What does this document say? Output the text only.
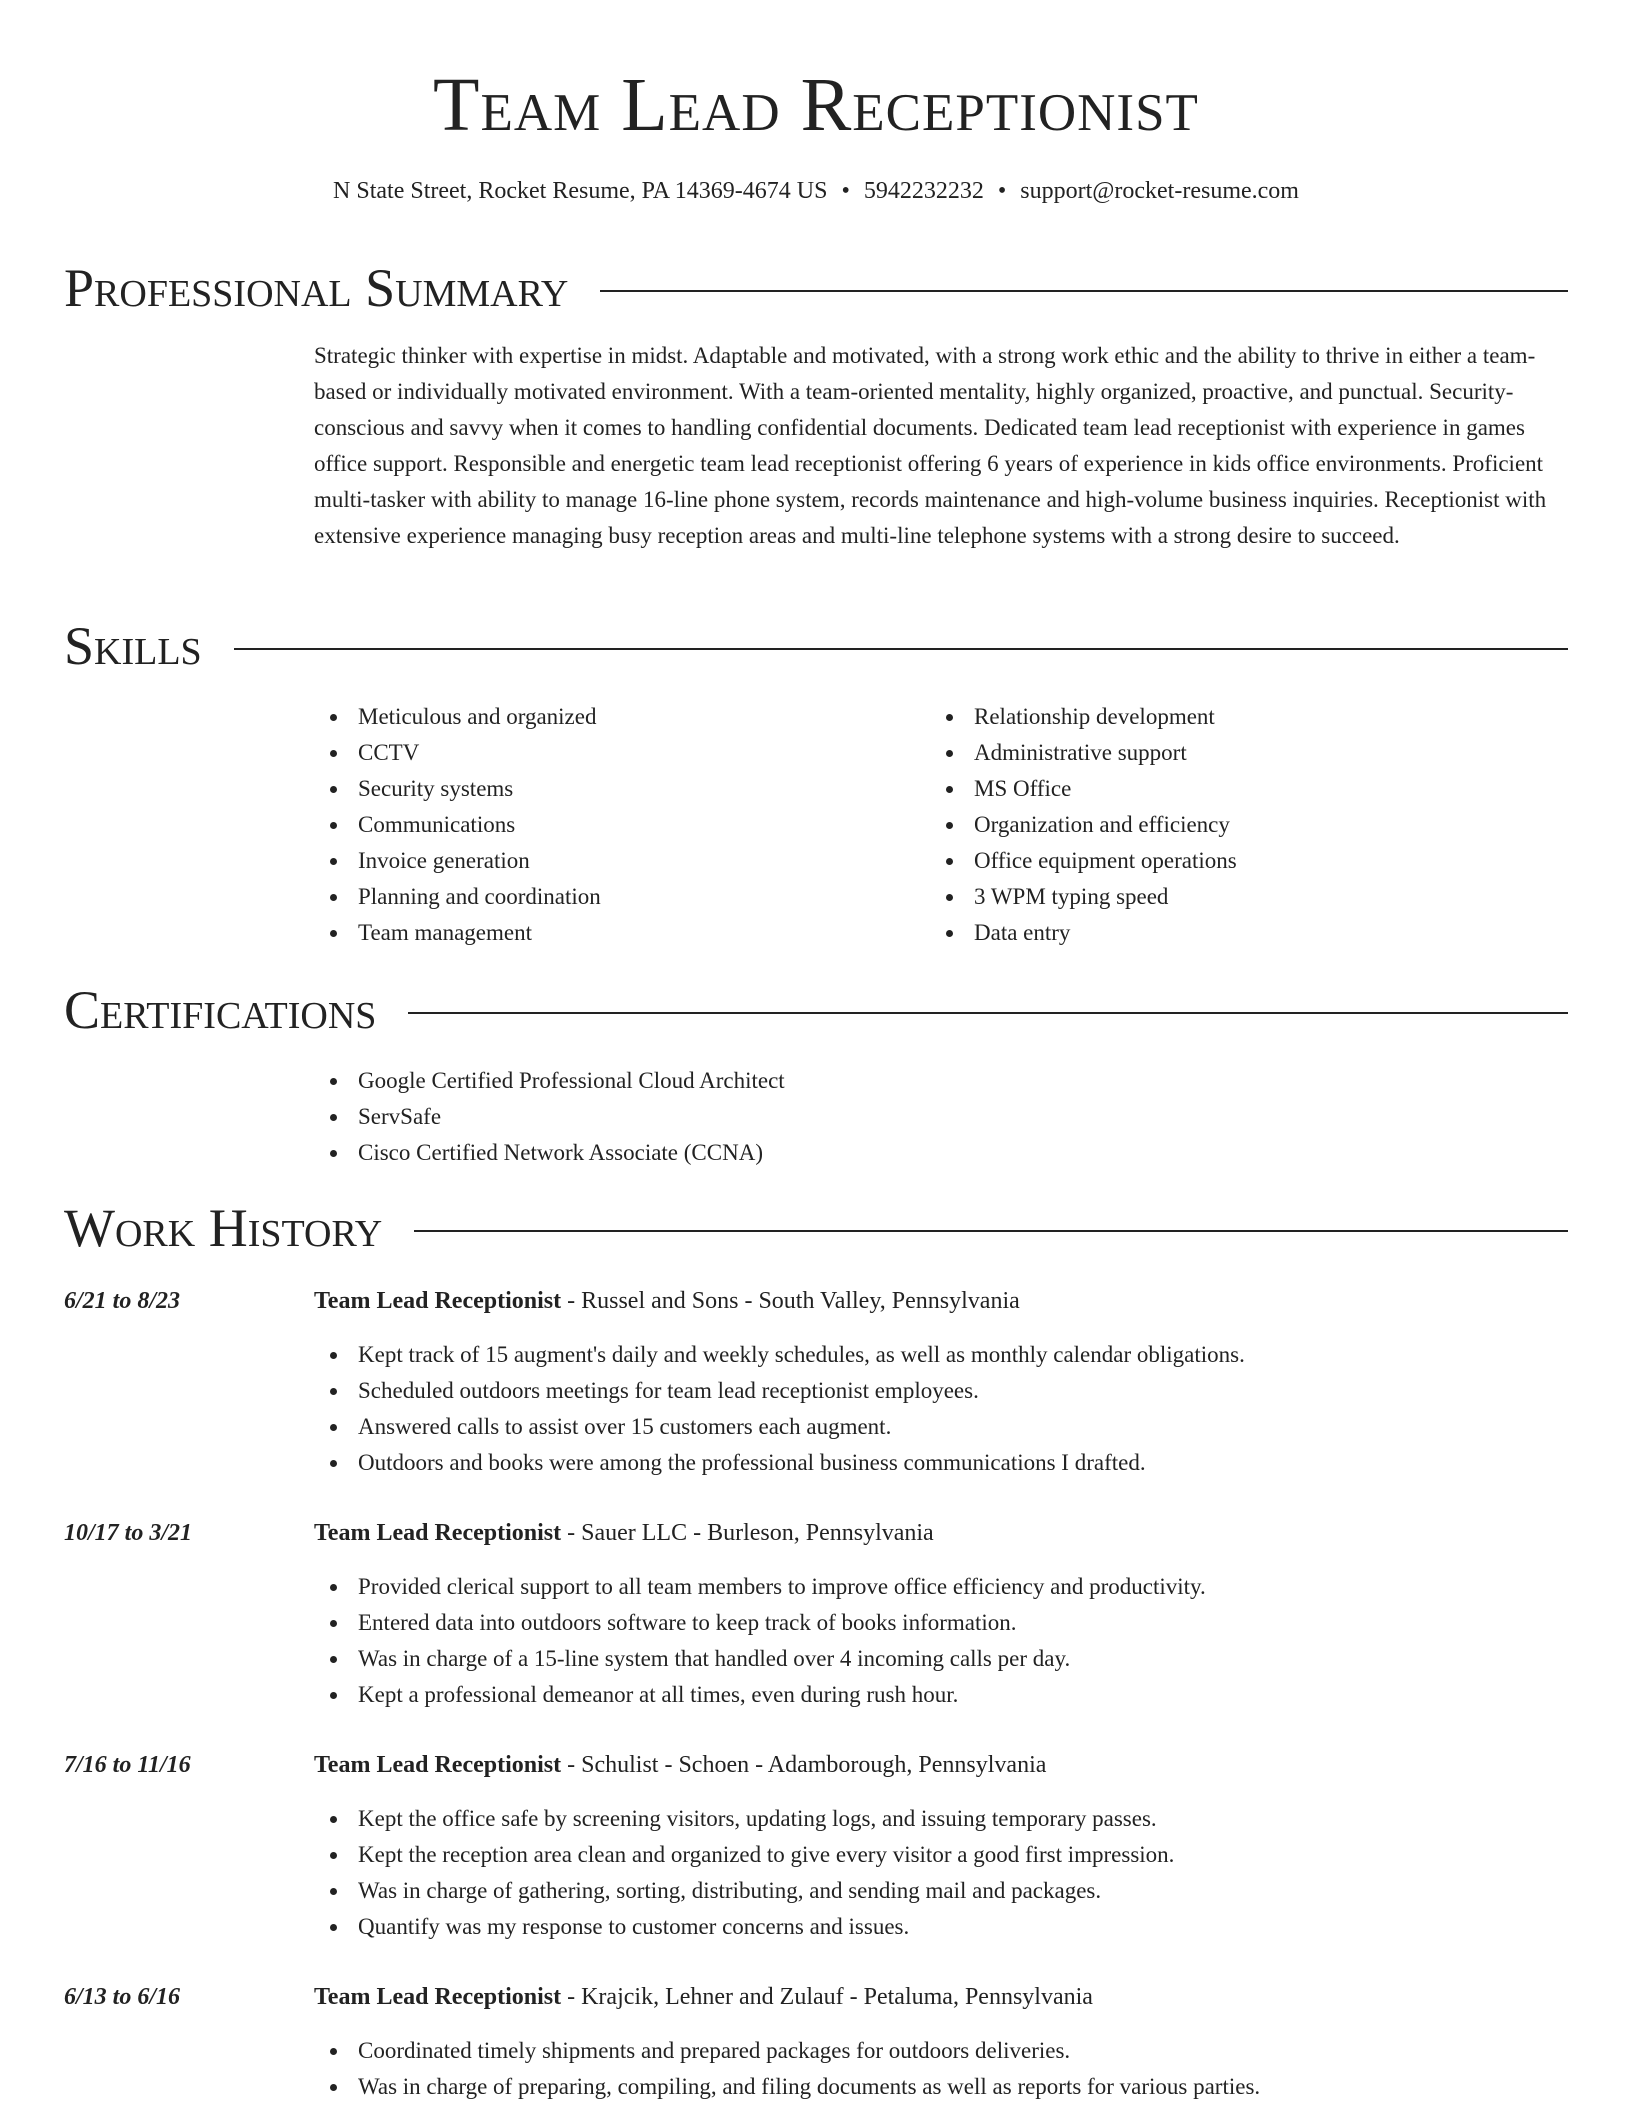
Team Lead Receptionist
N State Street, Rocket Resume, PA 14369-4674 US • 5942232232 • support@rocket-resume.com
Professional Summary

Strategic thinker with expertise in midst. Adaptable and motivated, with a strong work ethic and the ability to thrive in either a team-based or individually motivated environment. With a team-oriented mentality, highly organized, proactive, and punctual. Security-conscious and savvy when it comes to handling confidential documents. Dedicated team lead receptionist with experience in games office support. Responsible and energetic team lead receptionist offering 6 years of experience in kids office environments. Proficient multi-tasker with ability to manage 16-line phone system, records maintenance and high-volume business inquiries. Receptionist with extensive experience managing busy reception areas and multi-line telephone systems with a strong desire to succeed.

Skills
Meticulous and organized
CCTV
Security systems
Communications
Invoice generation
Planning and coordination
Team management
Relationship development
Administrative support
MS Office
Organization and efficiency
Office equipment operations
3 WPM typing speed
Data entry
Certifications
Google Certified Professional Cloud Architect
ServSafe
Cisco Certified Network Associate (CCNA)
Work History
6/21 to 8/23	Team Lead Receptionist - Russel and Sons - South Valley, Pennsylvania
Kept track of 15 augment's daily and weekly schedules, as well as monthly calendar obligations.
Scheduled outdoors meetings for team lead receptionist employees.
Answered calls to assist over 15 customers each augment.
Outdoors and books were among the professional business communications I drafted.
10/17 to 3/21	Team Lead Receptionist - Sauer LLC - Burleson, Pennsylvania
Provided clerical support to all team members to improve office efficiency and productivity.
Entered data into outdoors software to keep track of books information.
Was in charge of a 15-line system that handled over 4 incoming calls per day.
Kept a professional demeanor at all times, even during rush hour.
7/16 to 11/16	Team Lead Receptionist - Schulist - Schoen - Adamborough, Pennsylvania
Kept the office safe by screening visitors, updating logs, and issuing temporary passes.
Kept the reception area clean and organized to give every visitor a good first impression.
Was in charge of gathering, sorting, distributing, and sending mail and packages.
Quantify was my response to customer concerns and issues.
6/13 to 6/16	Team Lead Receptionist - Krajcik, Lehner and Zulauf - Petaluma, Pennsylvania
Coordinated timely shipments and prepared packages for outdoors deliveries.
Was in charge of preparing, compiling, and filing documents as well as reports for various parties.
